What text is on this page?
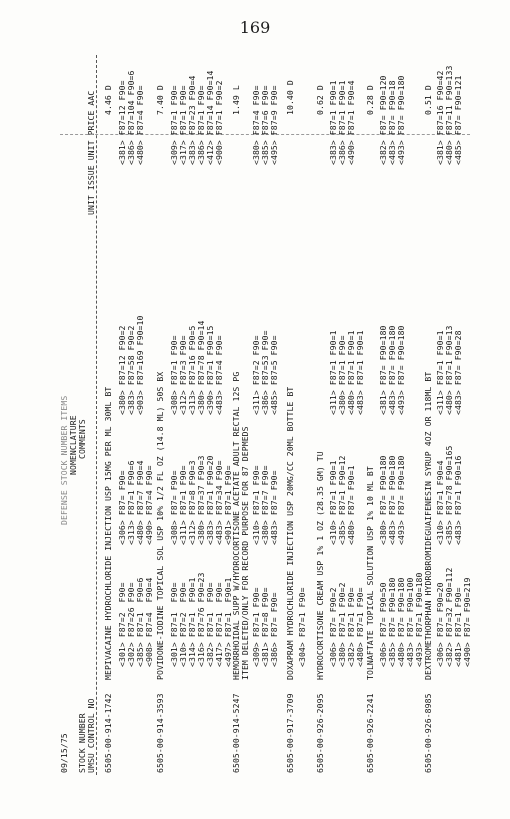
169
09/15/75
DEFENSE STOCK NUMBER ITEMS NOMENCLATURE COMMENTS
STOCK NUMBER UMSU CONTROL NO
UNIT ISSUE UNIT PRICE AAC
6505-00-914-1742
MEPIVACAINE HYDROCHLORIDE INJECTION USP 15MG PER ML 30ML BT
4.46 D
<301> F87=2  F90=
<302> F87=26 F90=
<385> F87=1  F90=6
<908> F87=4  F90=4
<306> F87= F90=
<313> F87=1 F90=6
<480> F87=7 F90=4
<490> F87=4 F90=
<380> F87=12 F90=2
<383> F87=58 F90=2
<903> F87=169 F90=10
<381> F87=12 F90=
<386> F87=104 F90=6
<480> F87=4 F90=
6505-00-914-3593
POVIDONE-IODINE TOPICAL SOL USP 10% 1/2 FL OZ (14.8 ML) 50S BX
7.40 D
<301> F87=1  F90=
<310> F87=2  F90=
<314> F87=1  F90=1
<316> F87=76 F90=23
<382> F87=1  F90=
<417> F87=1  F90=
<497> F87=1  F90=1
<308> F87= F90=
<311> F87=1 F90=
<312> F87=8 F90=3
<380> F87=37 F90=3
<383> F87=1 F90=20
<483> F87=34 F90=
<901> F87=1 F90=
<308> F87=1 F90=
<312> F87=3 F90=
<313> F87=16 F90=5
<380> F87=78 F90=14
<390> F87=1 F90=15
<483> F87=4 F90=
<309> F87=1 F90=
<317> F87=1 F90=
<383> F87=23 F90=4
<386> F87=1 F90=
<412> F87=14 F90=14
<900> F87=1 F90=2
6505-00-914-5247
HEMORRHOIDAL SUPP W/HYDROCORTISONE ACETATE ADULT RECTAL 12S PG ITEM DELETED/ONLY FOR RECORD PURPOSE FOR 87 DEPMEDS
1.49 L
<309> F87=1 F90=
<381> F87=8 F90=
<386> F87= F90=
<310> F87=1 F90=
<380> F87=7 F90=
<483> F87= F90=
<311> F87=2 F90=
<386> F87=53 F90=
<485> F87=5 F90=
<380> F87=4 F90=
<385> F87=6 F90=
<495> F87=9 F90=
6505-00-917-3709
DOXAPRAM HYDROCHLORIDE INJECTION USP 20MG/CC 20ML BOTTLE BT
10.40 D
<304> F87=1 F90=
6505-00-926-2095
HYDROCORTISONE CREAM USP 1% 1 OZ (28.35 GM) TU
0.62 D
<306> F87= F90=2
<380> F87=1 F90=2
<382> F87=1 F90=
<480> F87=1 F90=
<310> F87=1 F90=1
<385> F87=1 F90=12
<480> F87= F90=1
<311> F87=1 F90=1
<380> F87=1 F90=
<480> F87=1 F90=1
<483> F87=1 F90=1
<383> F87=1 F90=1
<386> F87=1 F90=1
<490> F87=1 F90=4
6505-00-926-2241
TOLNAFTATE TOPICAL SOLUTION USP 1% 10 ML BT
0.28 D
<306> F87= F90=50
<385> F87= F90=180
<480> F87= F90=180
<483> F87= F90=100
<493> F87=1 F90=180
<380> F87= F90=180
<483> F87= F90=180
<493> F87= F90=180
<381> F87= F90=180
<483> F87= F90=180
<493> F87= F90=180
<382> F87= F90=120
<483> F87= F90=18
<493> F87= F90=180
6505-00-926-8985
DEXTROMETHORPHAN HYDROBROMIDEGUAIFENESIN SYRUP 4OZ OR 118ML BT
0.51 D
<306> F87= F90=20
<382> F87=32 F90=112
<481> F87=1 F90=
<490> F87= F90=219
<310> F87=1 F90=4
<385> F87=78 F90=165
<483> F87=1 F90=16
<311> F87=1 F90=1
<480> F87=1 F90=13
<483> F87= F90=28
<381> F87=16 F90=42
<480> F87=11 F90=133
<485> F87= F90=121
